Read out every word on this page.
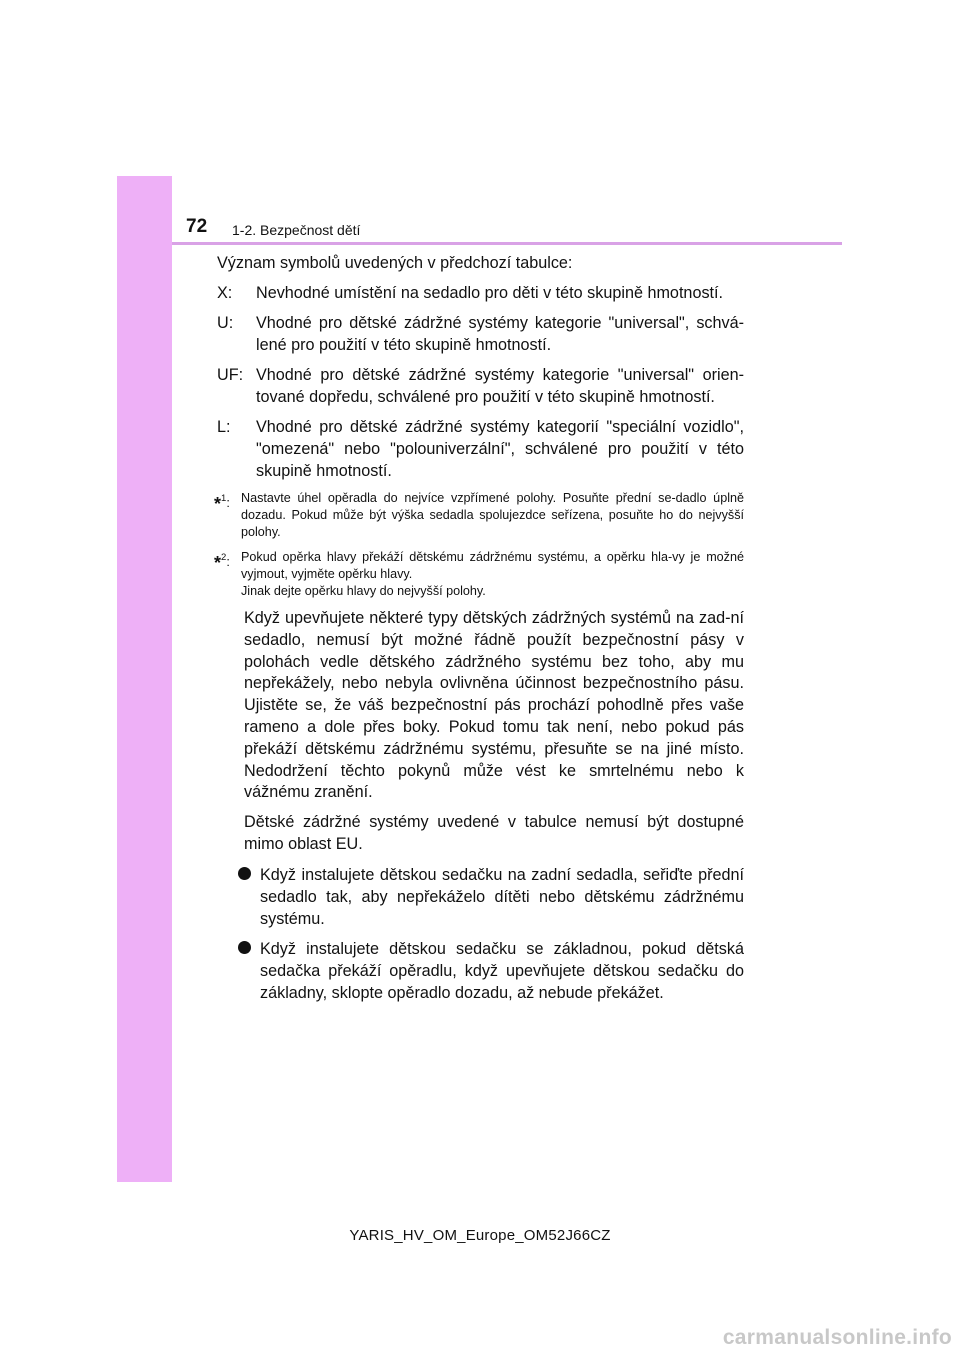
72 1-2. Bezpečnost dětí

Význam symbolů uvedených v předchozí tabulce:

X:	Nevhodné umístění na sedadlo pro děti v této skupině hmotností.
U:	Vhodné pro dětské zádržné systémy kategorie "universal", schvá-lené pro použití v této skupině hmotností.
UF: Vhodné pro dětské zádržné systémy kategorie "universal" orien-tované dopředu, schválené pro použití v této skupině hmotností.
L:	Vhodné pro dětské zádržné systémy kategorií "speciální vozidlo", "omezená" nebo "polouniverzální", schválené pro použití v této skupině hmotností.
*$^1$: Nastavte úhel opěradla do nejvíce vzpřímené polohy. Posuňte přední se-dadlo úplně dozadu. Pokud může být výška sedadla spolujezdce seřízena, posuňte ho do nejvyšší polohy.
*$^2$: Pokud opěrka hlavy překáží dětskému zádržnému systému, a opěrku hla-vy je možné vyjmout, vyjměte opěrku hlavy.
Jinak dejte opěrku hlavy do nejvyšší polohy.

Když upevňujete některé typy dětských zádržných systémů na zad-ní sedadlo, nemusí být možné řádně použít bezpečnostní pásy v polohách vedle dětského zádržného systému bez toho, aby mu nepřekážely, nebo nebyla ovlivněna účinnost bezpečnostního pásu. Ujistěte se, že váš bezpečnostní pás prochází pohodlně přes vaše rameno a dole přes boky. Pokud tomu tak není, nebo pokud pás překáží dětskému zádržnému systému, přesuňte se na jiné místo. Nedodržení těchto pokynů může vést ke smrtelnému nebo k vážnému zranění.

Dětské zádržné systémy uvedené v tabulce nemusí být dostupné mimo oblast EU.

Když instalujete dětskou sedačku na zadní sedadla, seřiďte přední sedadlo tak, aby nepřekáželo dítěti nebo dětskému zádržnému systému.
Když instalujete dětskou sedačku se základnou, pokud dětská sedačka překáží opěradlu, když upevňujete dětskou sedačku do základny, sklopte opěradlo dozadu, až nebude překážet.
YARIS_HV_OM_Europe_OM52J66CZ
carmanualsonline.info
